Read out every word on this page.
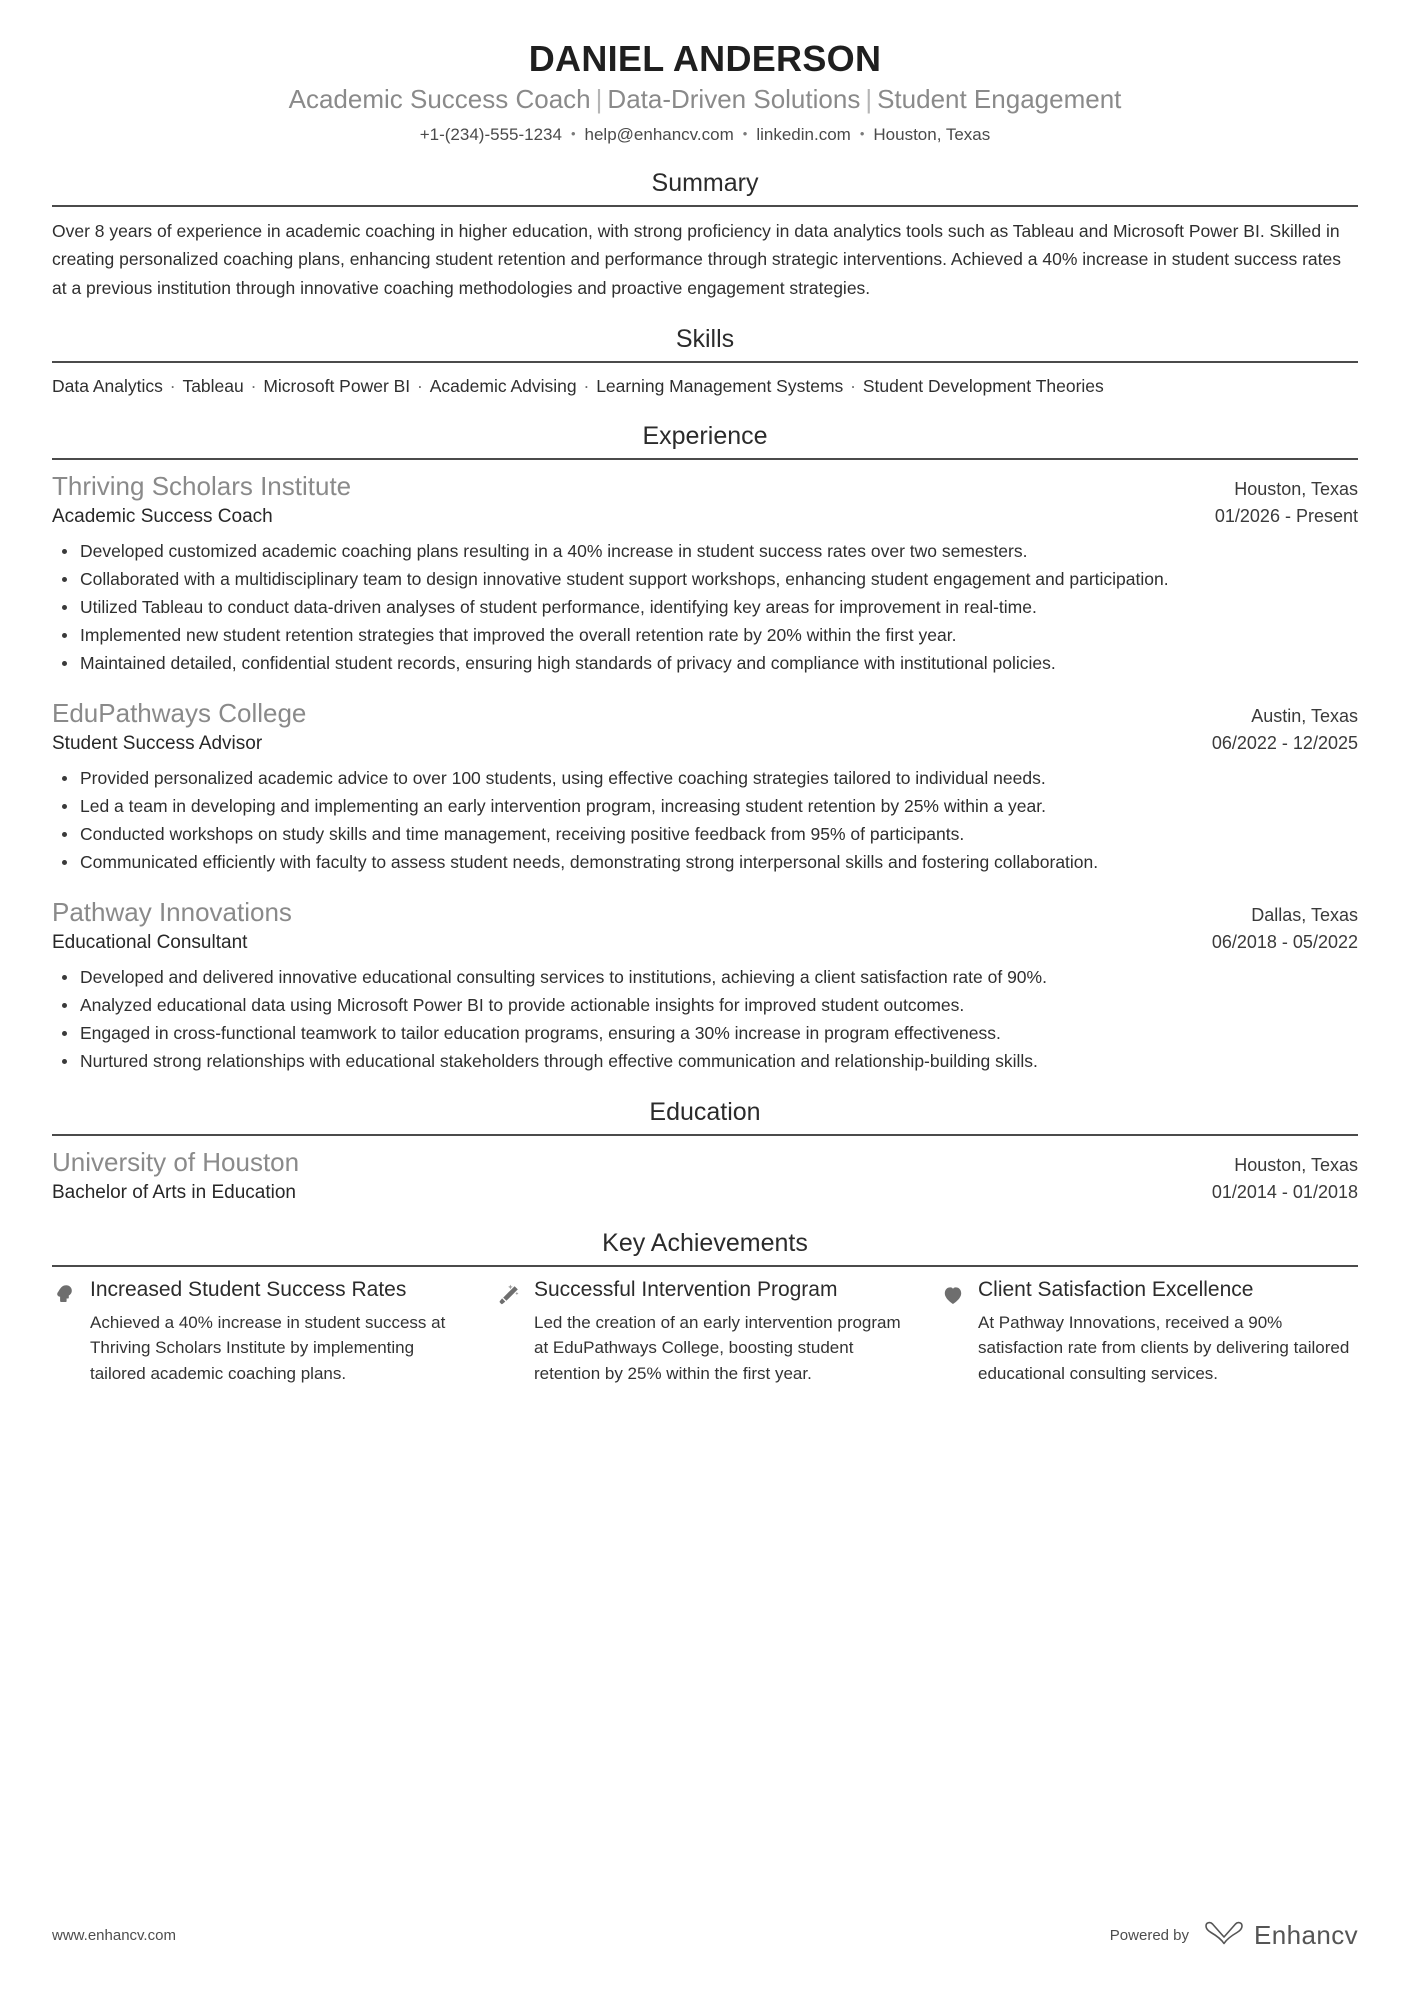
DANIEL ANDERSON
Academic Success Coach | Data-Driven Solutions | Student Engagement
+1-(234)-555-1234 • help@enhancv.com • linkedin.com • Houston, Texas
Summary
Over 8 years of experience in academic coaching in higher education, with strong proficiency in data analytics tools such as Tableau and Microsoft Power BI. Skilled in creating personalized coaching plans, enhancing student retention and performance through strategic interventions. Achieved a 40% increase in student success rates at a previous institution through innovative coaching methodologies and proactive engagement strategies.
Skills
Data Analytics · Tableau · Microsoft Power BI · Academic Advising · Learning Management Systems · Student Development Theories
Experience
Thriving Scholars Institute	Houston, Texas
Academic Success Coach	01/2026 - Present
Developed customized academic coaching plans resulting in a 40% increase in student success rates over two semesters.
Collaborated with a multidisciplinary team to design innovative student support workshops, enhancing student engagement and participation.
Utilized Tableau to conduct data-driven analyses of student performance, identifying key areas for improvement in real-time.
Implemented new student retention strategies that improved the overall retention rate by 20% within the first year.
Maintained detailed, confidential student records, ensuring high standards of privacy and compliance with institutional policies.
EduPathways College	Austin, Texas
Student Success Advisor	06/2022 - 12/2025
Provided personalized academic advice to over 100 students, using effective coaching strategies tailored to individual needs.
Led a team in developing and implementing an early intervention program, increasing student retention by 25% within a year.
Conducted workshops on study skills and time management, receiving positive feedback from 95% of participants.
Communicated efficiently with faculty to assess student needs, demonstrating strong interpersonal skills and fostering collaboration.
Pathway Innovations	Dallas, Texas
Educational Consultant	06/2018 - 05/2022
Developed and delivered innovative educational consulting services to institutions, achieving a client satisfaction rate of 90%.
Analyzed educational data using Microsoft Power BI to provide actionable insights for improved student outcomes.
Engaged in cross-functional teamwork to tailor education programs, ensuring a 30% increase in program effectiveness.
Nurtured strong relationships with educational stakeholders through effective communication and relationship-building skills.
Education
University of Houston	Houston, Texas
Bachelor of Arts in Education	01/2014 - 01/2018
Key Achievements
Increased Student Success Rates
Achieved a 40% increase in student success at Thriving Scholars Institute by implementing tailored academic coaching plans.
Successful Intervention Program
Led the creation of an early intervention program at EduPathways College, boosting student retention by 25% within the first year.
Client Satisfaction Excellence
At Pathway Innovations, received a 90% satisfaction rate from clients by delivering tailored educational consulting services.
www.enhancv.com	Powered by	Enhancv
